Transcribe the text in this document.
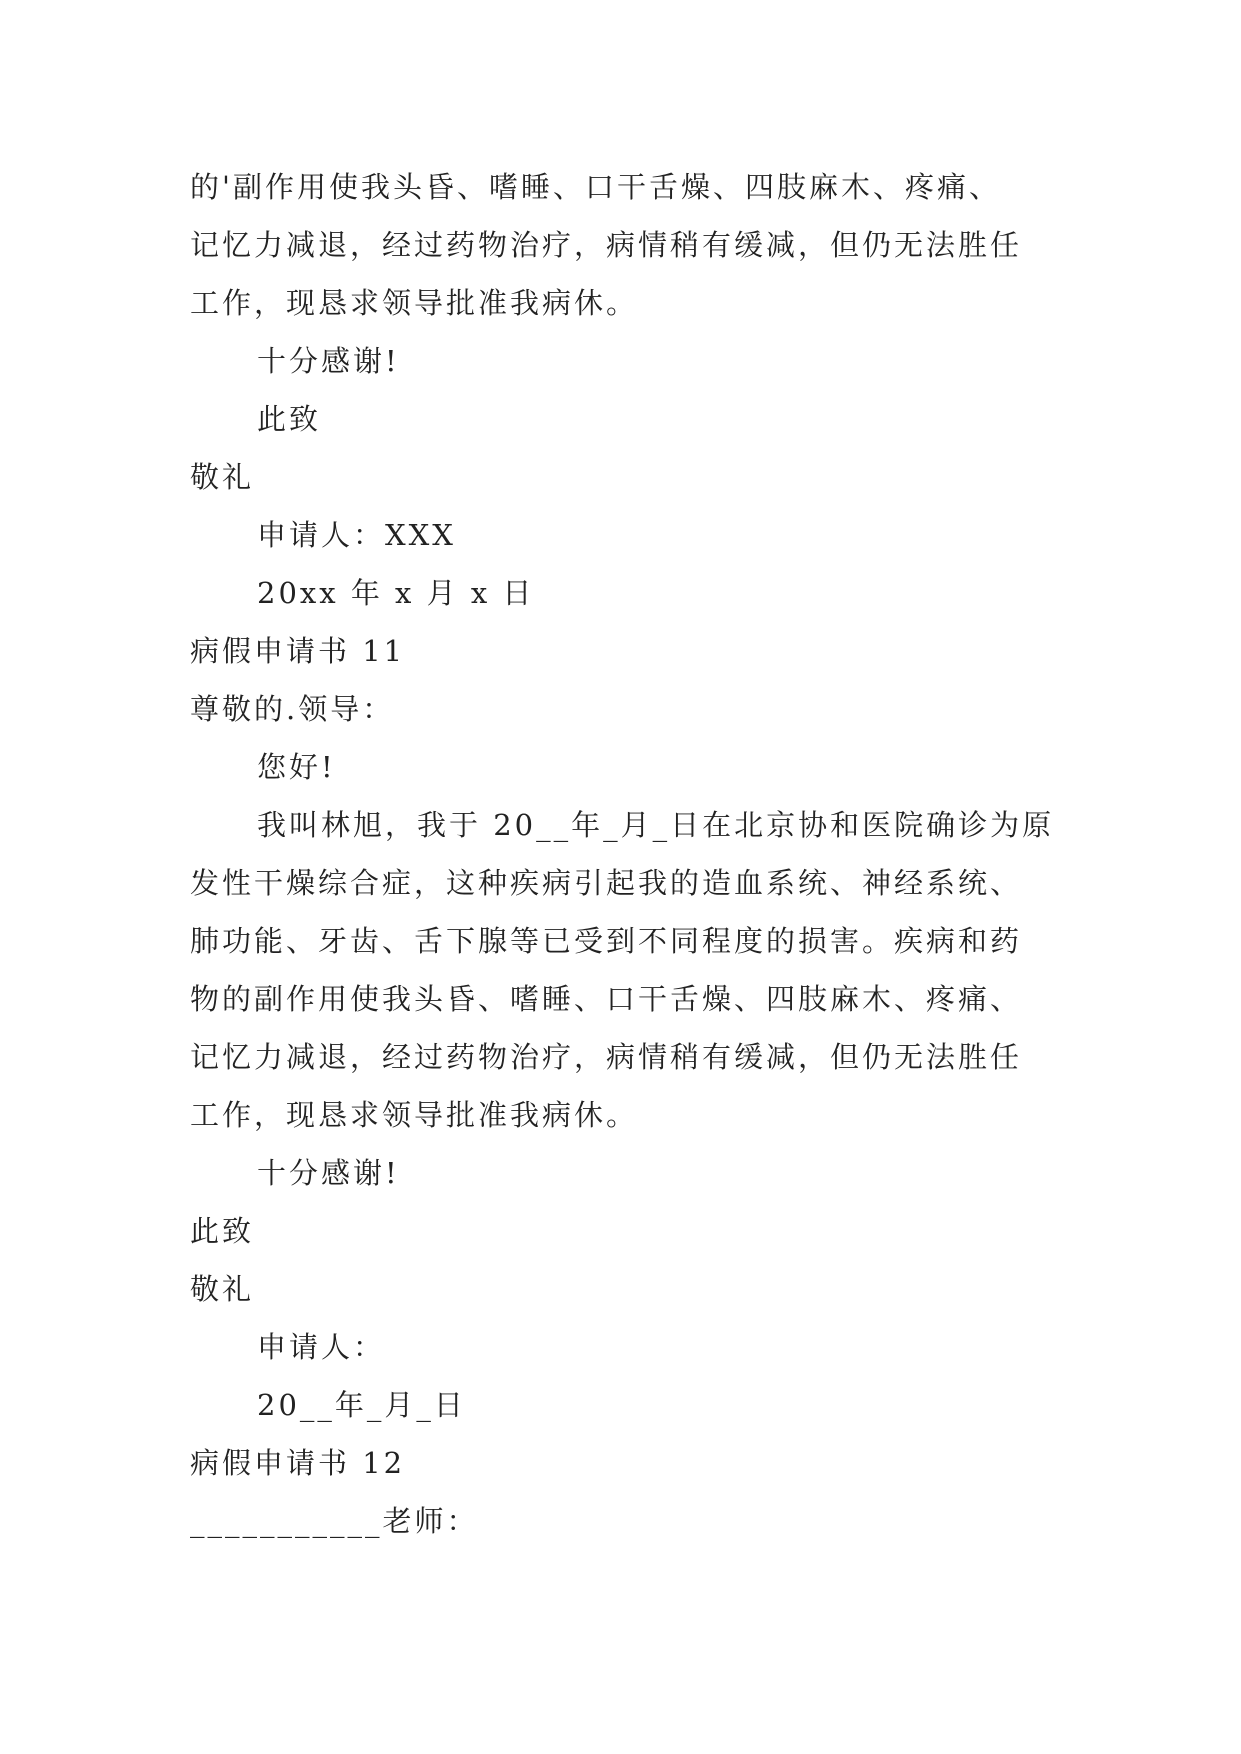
的'副作用使我头昏、嗜睡、口干舌燥、四肢麻木、疼痛、
记忆力减退，经过药物治疗，病情稍有缓减，但仍无法胜任
工作，现恳求领导批准我病休。
十分感谢!
此致
敬礼
申请人：XXX
20xx 年 x 月 x 日
病假申请书 11
尊敬的.领导：
您好!
我叫林旭，我于 20__年_月_日在北京协和医院确诊为原
发性干燥综合症，这种疾病引起我的造血系统、神经系统、
肺功能、牙齿、舌下腺等已受到不同程度的损害。疾病和药
物的副作用使我头昏、嗜睡、口干舌燥、四肢麻木、疼痛、
记忆力减退，经过药物治疗，病情稍有缓减，但仍无法胜任
工作，现恳求领导批准我病休。
十分感谢!
此致
敬礼
申请人：
20__年_月_日
病假申请书 12
___________老师：
